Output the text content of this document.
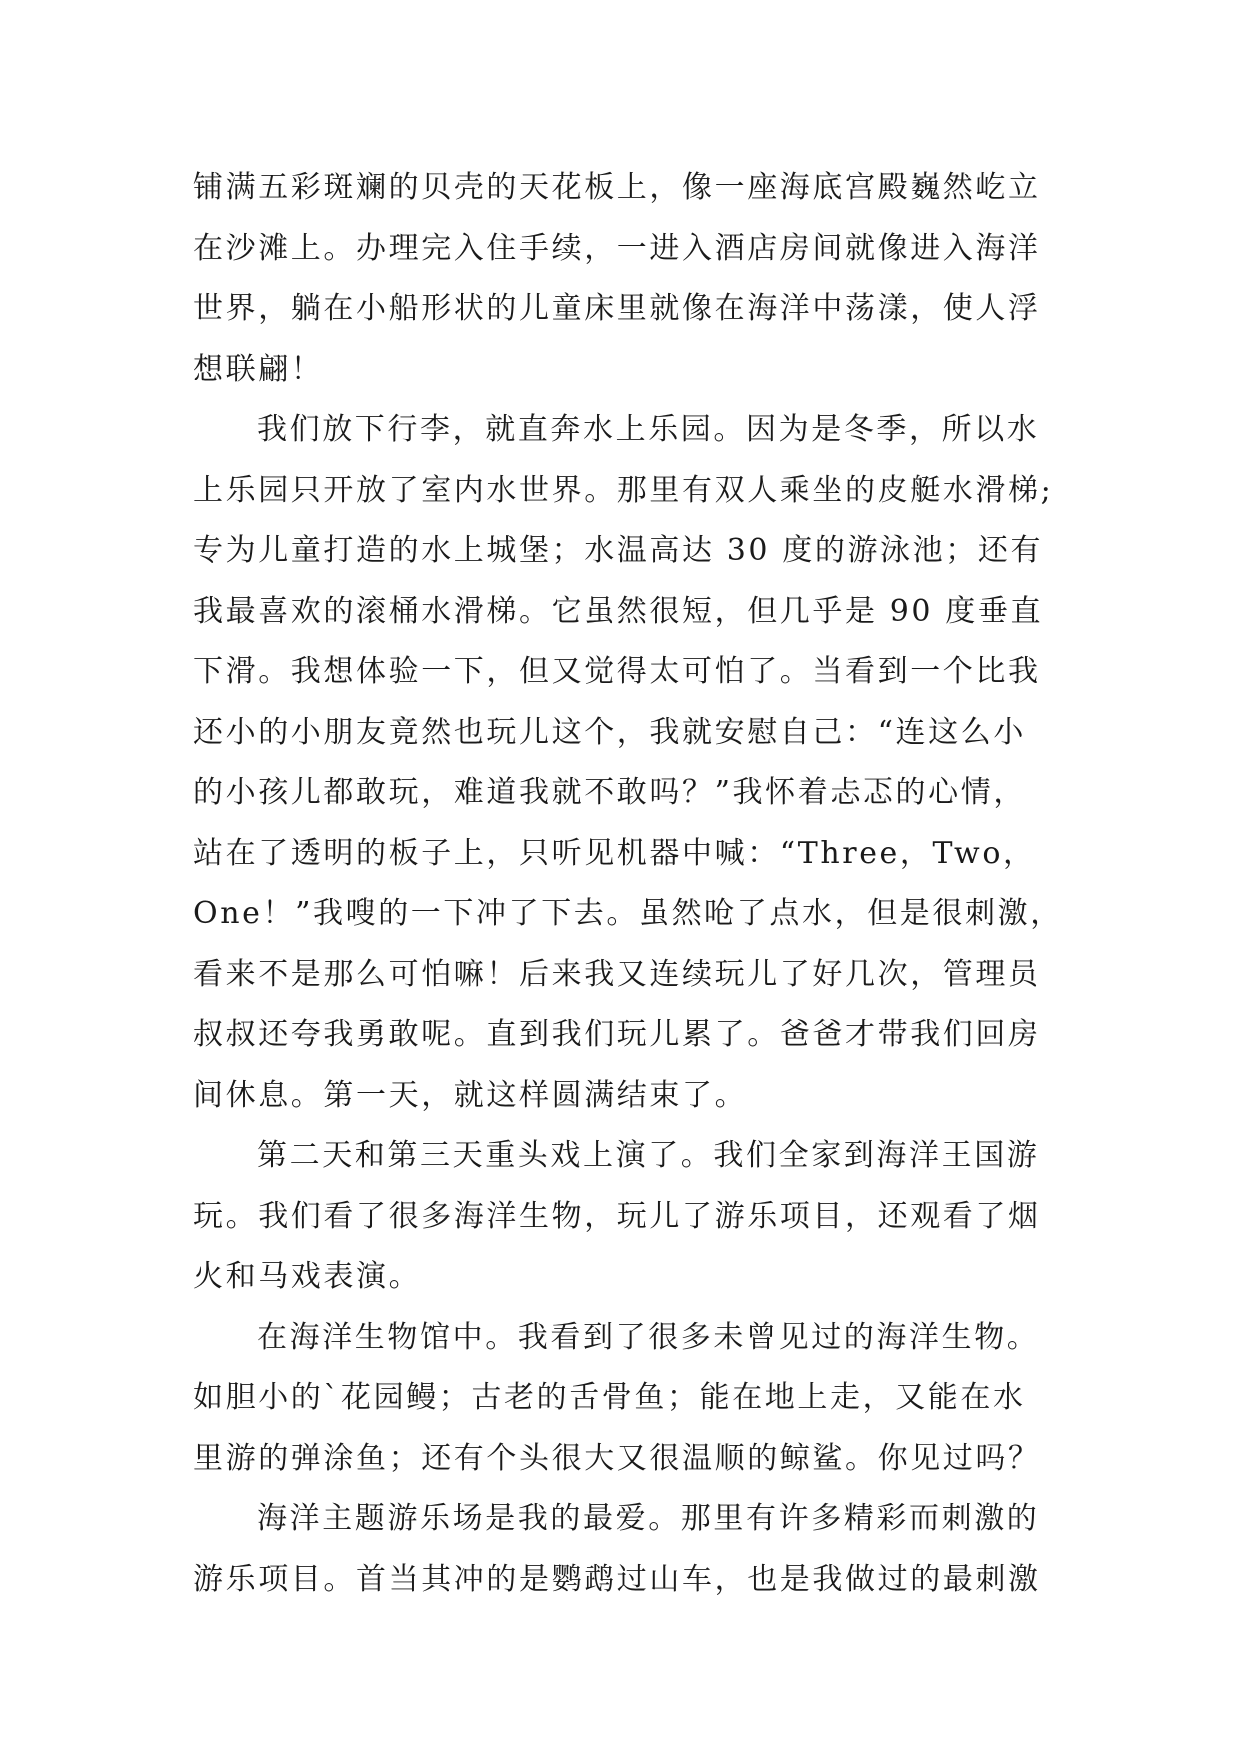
铺满五彩斑斓的贝壳的天花板上，像一座海底宫殿巍然屹立
在沙滩上。办理完入住手续，一进入酒店房间就像进入海洋
世界，躺在小船形状的儿童床里就像在海洋中荡漾，使人浮
想联翩！
我们放下行李，就直奔水上乐园。因为是冬季，所以水
上乐园只开放了室内水世界。那里有双人乘坐的皮艇水滑梯;
专为儿童打造的水上城堡；水温高达 30 度的游泳池；还有
我最喜欢的滚桶水滑梯。它虽然很短，但几乎是 90 度垂直
下滑。我想体验一下，但又觉得太可怕了。当看到一个比我
还小的小朋友竟然也玩儿这个，我就安慰自己：“连这么小
的小孩儿都敢玩，难道我就不敢吗？”我怀着忐忑的心情，
站在了透明的板子上，只听见机器中喊：“Three，Two，
One！”我嗖的一下冲了下去。虽然呛了点水，但是很刺激，
看来不是那么可怕嘛！后来我又连续玩儿了好几次，管理员
叔叔还夸我勇敢呢。直到我们玩儿累了。爸爸才带我们回房
间休息。第一天，就这样圆满结束了。
第二天和第三天重头戏上演了。我们全家到海洋王国游
玩。我们看了很多海洋生物，玩儿了游乐项目，还观看了烟
火和马戏表演。
在海洋生物馆中。我看到了很多未曾见过的海洋生物。
如胆小的`花园鳗；古老的舌骨鱼；能在地上走，又能在水
里游的弹涂鱼；还有个头很大又很温顺的鲸鲨。你见过吗？
海洋主题游乐场是我的最爱。那里有许多精彩而刺激的
游乐项目。首当其冲的是鹦鹉过山车，也是我做过的最刺激
